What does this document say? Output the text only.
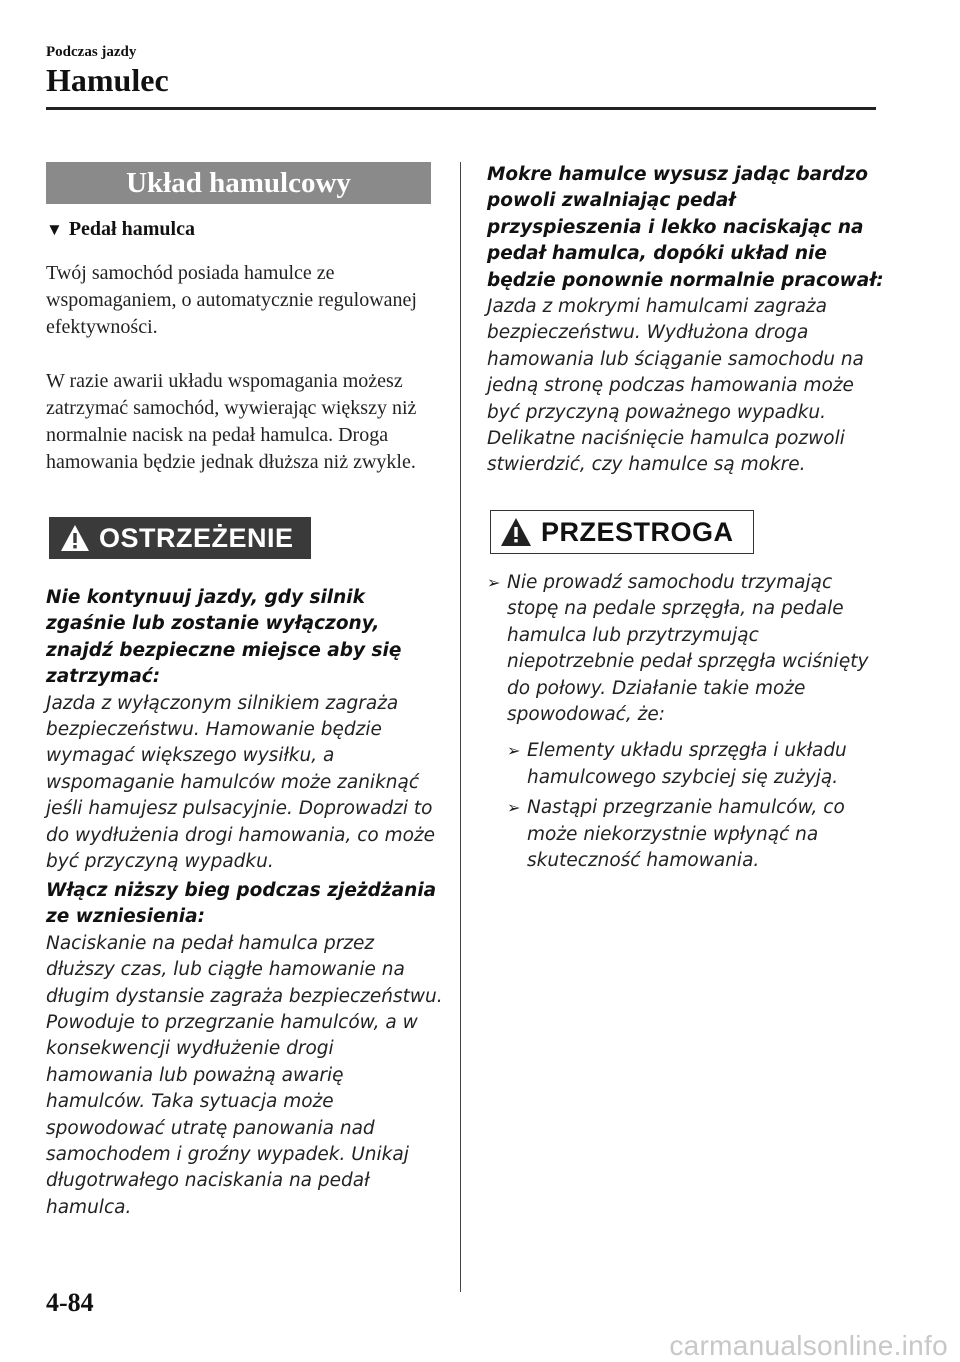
Podczas jazdy
Hamulec
Układ hamulcowy
▼ Pedał hamulca
Twój samochód posiada hamulce ze wspomaganiem, o automatycznie regulowanej efektywności.
W razie awarii układu wspomagania możesz zatrzymać samochód, wywierając większy niż normalnie nacisk na pedał hamulca. Droga hamowania będzie jednak dłuższa niż zwykle.
OSTRZEŻENIE
Nie kontynuuj jazdy, gdy silnik zgaśnie lub zostanie wyłączony, znajdź bezpieczne miejsce aby się zatrzymać:
Jazda z wyłączonym silnikiem zagraża bezpieczeństwu. Hamowanie będzie wymagać większego wysiłku, a wspomaganie hamulców może zaniknąć jeśli hamujesz pulsacyjnie. Doprowadzi to do wydłużenia drogi hamowania, co może być przyczyną wypadku.
Włącz niższy bieg podczas zjeżdżania ze wzniesienia:
Naciskanie na pedał hamulca przez dłuższy czas, lub ciągłe hamowanie na długim dystansie zagraża bezpieczeństwu. Powoduje to przegrzanie hamulców, a w konsekwencji wydłużenie drogi hamowania lub poważną awarię hamulców. Taka sytuacja może spowodować utratę panowania nad samochodem i groźny wypadek. Unikaj długotrwałego naciskania na pedał hamulca.
Mokre hamulce wysusz jadąc bardzo powoli zwalniając pedał przyspieszenia i lekko naciskając na pedał hamulca, dopóki układ nie będzie ponownie normalnie pracował:
Jazda z mokrymi hamulcami zagraża bezpieczeństwu. Wydłużona droga hamowania lub ściąganie samochodu na jedną stronę podczas hamowania może być przyczyną poważnego wypadku. Delikatne naciśnięcie hamulca pozwoli stwierdzić, czy hamulce są mokre.
PRZESTROGA
➢ Nie prowadź samochodu trzymając stopę na pedale sprzęgła, na pedale hamulca lub przytrzymując niepotrzebnie pedał sprzęgła wciśnięty do połowy. Działanie takie może spowodować, że:
➢ Elementy układu sprzęgła i układu hamulcowego szybciej się zużyją.
➢ Nastąpi przegrzanie hamulców, co może niekorzystnie wpłynąć na skuteczność hamowania.
4-84
carmanualsonline.info
